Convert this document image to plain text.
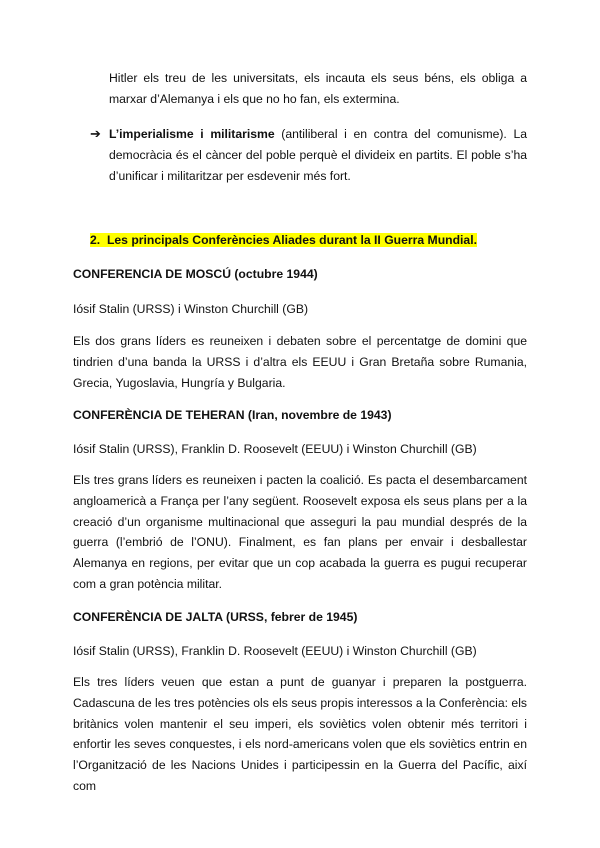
Hitler els treu de les universitats, els incauta els seus béns, els obliga a marxar d’Alemanya i els que no ho fan, els extermina.

➔ L’imperialisme i militarisme (antiliberal i en contra del comunisme). La democràcia és el càncer del poble perquè el divideix en partits. El poble s’ha d’unificar i militaritzar per esdevenir més fort.

2. Les principals Conferències Aliades durant la II Guerra Mundial.

CONFERENCIA DE MOSCÚ (octubre 1944)

Iósif Stalin (URSS) i Winston Churchill (GB)

Els dos grans líders es reuneixen i debaten sobre el percentatge de domini que tindrien d’una banda la URSS i d’altra els EEUU i Gran Bretaña sobre Rumania, Grecia, Yugoslavia, Hungría y Bulgaria.

CONFERÈNCIA DE TEHERAN (Iran, novembre de 1943)

Iósif Stalin (URSS), Franklin D. Roosevelt (EEUU) i Winston Churchill (GB)

Els tres grans líders es reuneixen i pacten la coalició. Es pacta el desembarcament angloamericà a França per l’any següent. Roosevelt exposa els seus plans per a la creació d’un organisme multinacional que asseguri la pau mundial després de la guerra (l’embrió de l’ONU). Finalment, es fan plans per envair i desballestar Alemanya en regions, per evitar que un cop acabada la guerra es pugui recuperar com a gran potència militar.

CONFERÈNCIA DE JALTA (URSS, febrer de 1945)

Iósif Stalin (URSS), Franklin D. Roosevelt (EEUU) i Winston Churchill (GB)

Els tres líders veuen que estan a punt de guanyar i preparen la postguerra. Cadascuna de les tres potències ols els seus propis interessos a la Conferència: els britànics volen mantenir el seu imperi, els soviètics volen obtenir més territori i enfortir les seves conquestes, i els nord-americans volen que els soviètics entrin en l’Organització de les Nacions Unides i participessin en la Guerra del Pacífic, així com
